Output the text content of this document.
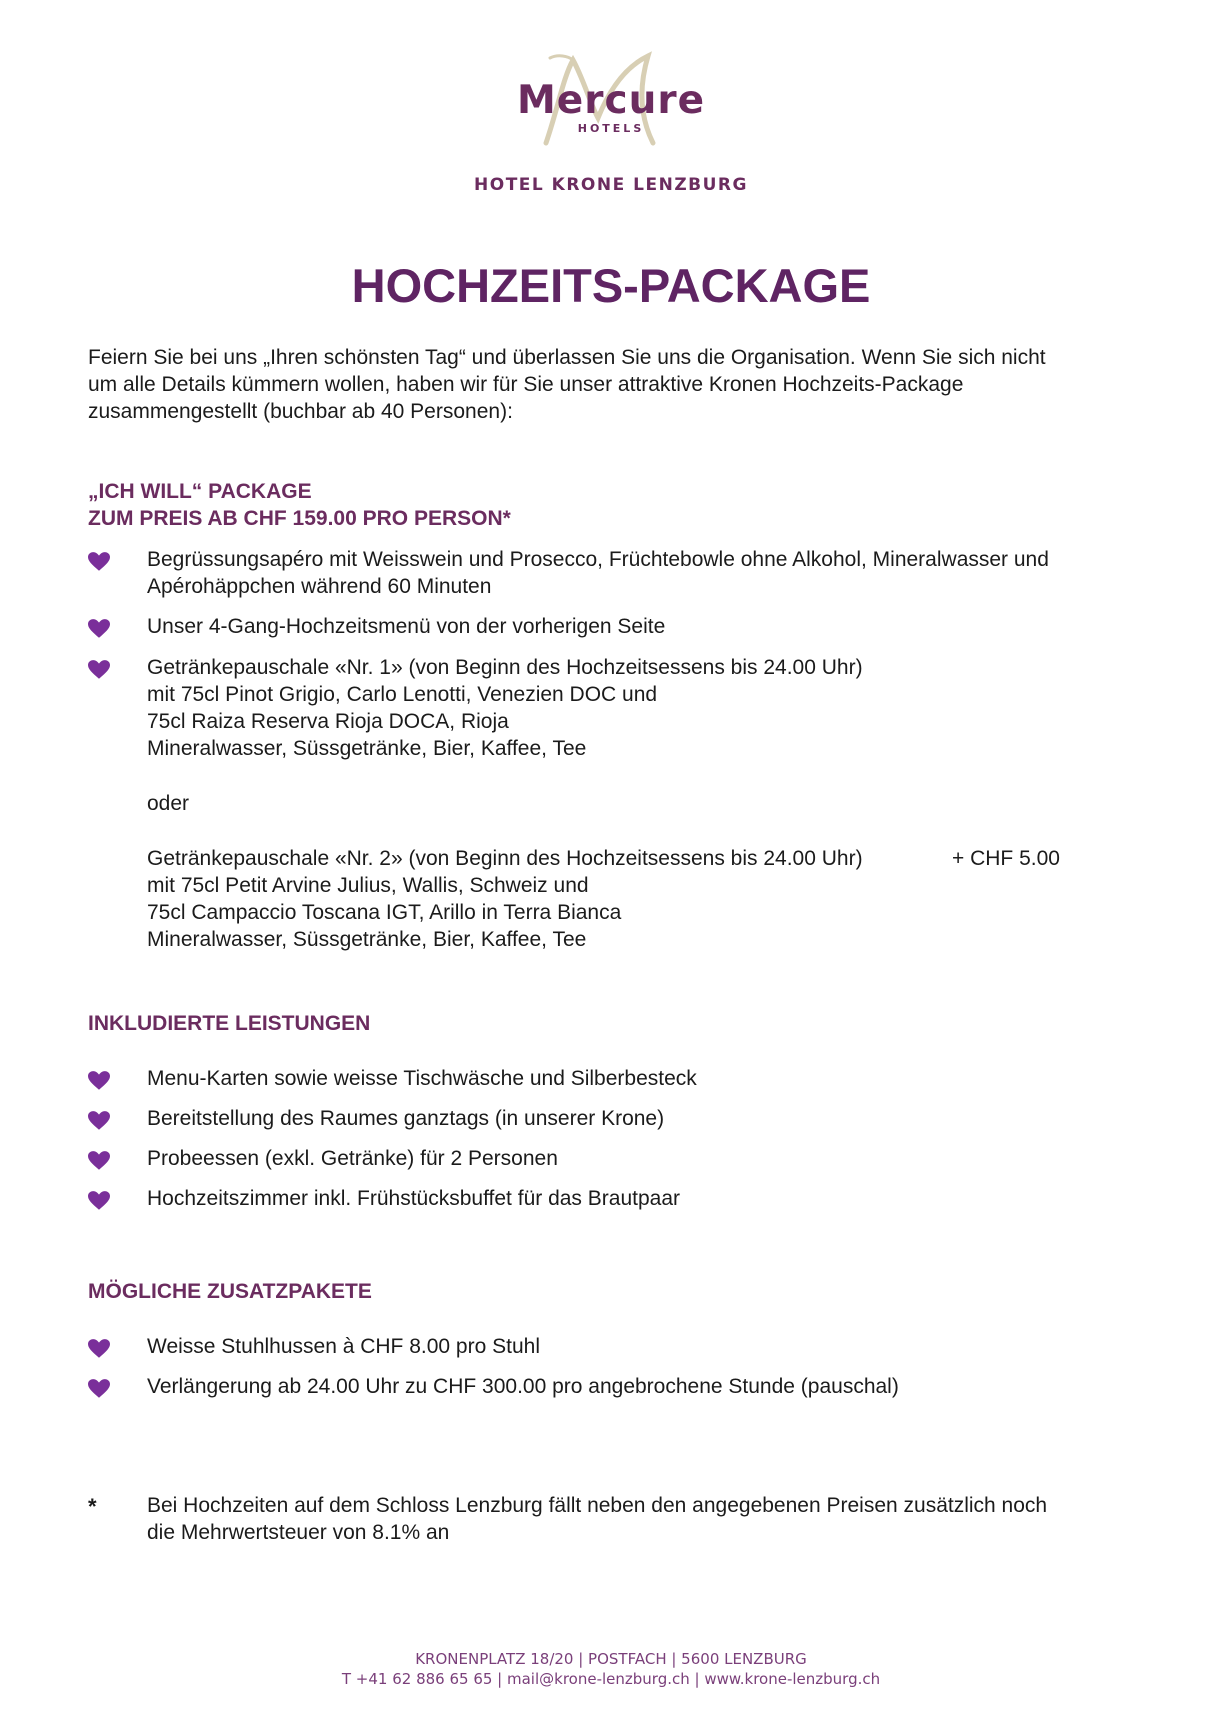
Mercure
HOTELS
HOTEL KRONE LENZBURG
HOCHZEITS-PACKAGE
Feiern Sie bei uns „Ihren schönsten Tag“ und überlassen Sie uns die Organisation. Wenn Sie sich nicht
um alle Details kümmern wollen, haben wir für Sie unser attraktive Kronen Hochzeits-Package
zusammengestellt (buchbar ab 40 Personen):
„ICH WILL“ PACKAGE
ZUM PREIS AB CHF 159.00 PRO PERSON*
Begrüssungsapéro mit Weisswein und Prosecco, Früchtebowle ohne Alkohol, Mineralwasser und
Apérohäppchen während 60 Minuten
Unser 4-Gang-Hochzeitsmenü von der vorherigen Seite
Getränkepauschale «Nr. 1» (von Beginn des Hochzeitsessens bis 24.00 Uhr)
mit 75cl Pinot Grigio, Carlo Lenotti, Venezien DOC und
75cl Raiza Reserva Rioja DOCA, Rioja
Mineralwasser, Süssgetränke, Bier, Kaffee, Tee
oder
Getränkepauschale «Nr. 2» (von Beginn des Hochzeitsessens bis 24.00 Uhr)
mit 75cl Petit Arvine Julius, Wallis, Schweiz und
75cl Campaccio Toscana IGT, Arillo in Terra Bianca
Mineralwasser, Süssgetränke, Bier, Kaffee, Tee
+ CHF 5.00
INKLUDIERTE LEISTUNGEN
Menu-Karten sowie weisse Tischwäsche und Silberbesteck
Bereitstellung des Raumes ganztags (in unserer Krone)
Probeessen (exkl. Getränke) für 2 Personen
Hochzeitszimmer inkl. Frühstücksbuffet für das Brautpaar
MÖGLICHE ZUSATZPAKETE
Weisse Stuhlhussen à CHF 8.00 pro Stuhl
Verlängerung ab 24.00 Uhr zu CHF 300.00 pro angebrochene Stunde (pauschal)
* Bei Hochzeiten auf dem Schloss Lenzburg fällt neben den angegebenen Preisen zusätzlich noch
die Mehrwertsteuer von 8.1% an
KRONENPLATZ 18/20 | POSTFACH | 5600 LENZBURG
T +41 62 886 65 65 | mail@krone-lenzburg.ch | www.krone-lenzburg.ch
